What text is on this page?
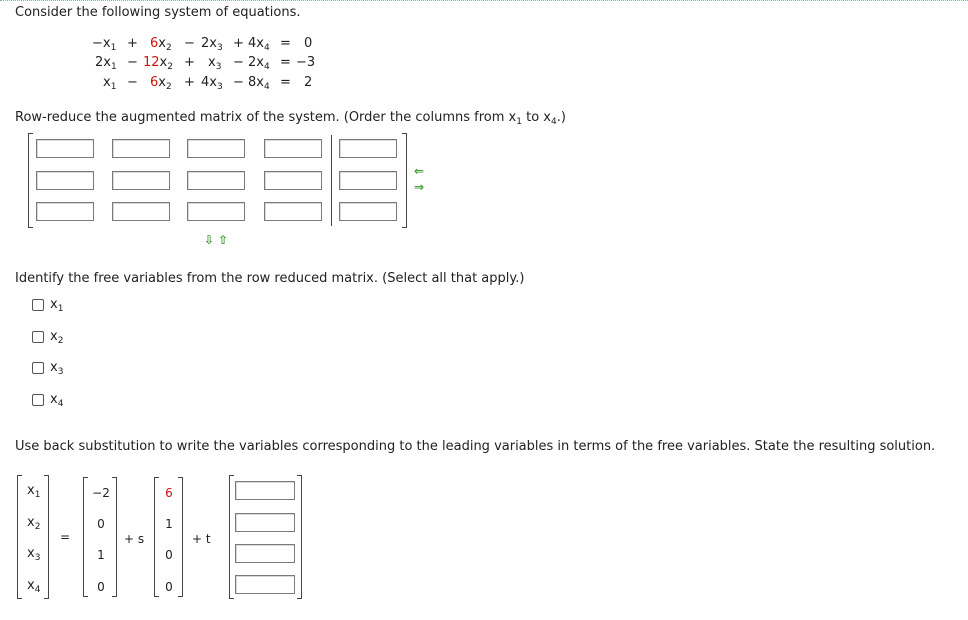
Consider the following system of equations.
$-x_1 + 6x_2 - 2x_3 + 4x_4 = 0$
$2x_1 - 12x_2 + x_3 - 2x_4 = -3$
$x_1 - 6x_2 + 4x_3 - 8x_4 = 2$
Row-reduce the augmented matrix of the system. (Order the columns from $x_1$ to $x_4$.)
⇐
⇒
⇩ ⇧
Identify the free variables from the row reduced matrix. (Select all that apply.)
$x_1$
$x_2$
$x_3$
$x_4$
Use back substitution to write the variables corresponding to the leading variables in terms of the free variables. State the resulting solution.
$x_1$
$x_2$
$x_3$
$x_4$
=
−2
0
1
0
+ s
6
1
0
0
+ t
